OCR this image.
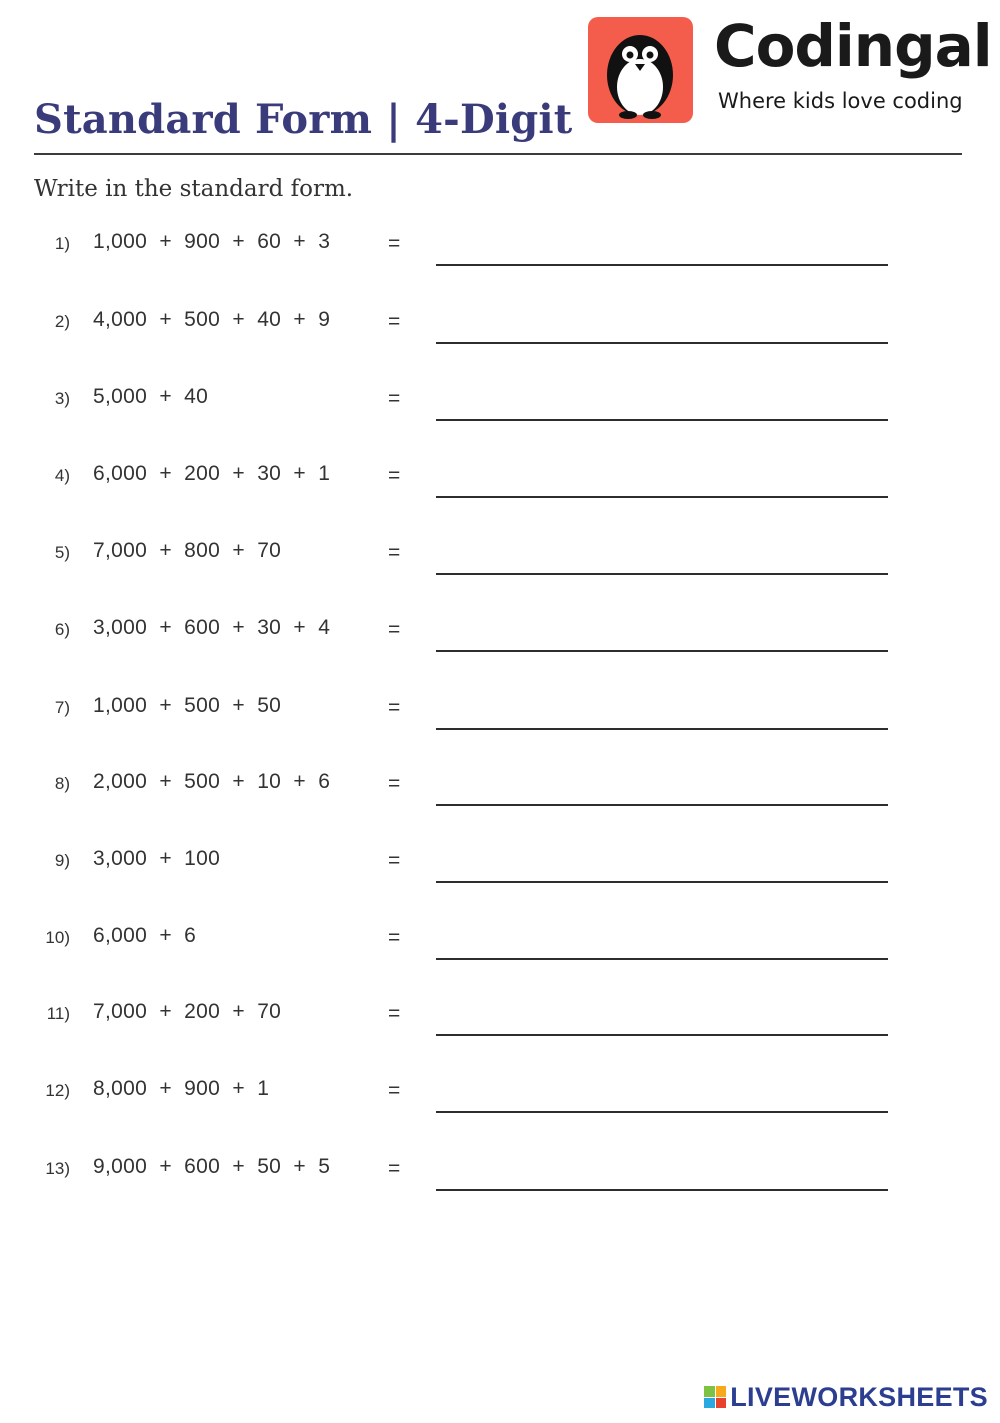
Codingal
Where kids love coding
Standard Form | 4-Digit
Write in the standard form.
1) 1,000  +  900  +  60  +  3	=
2) 4,000  +  500  +  40  +  9	=
3) 5,000  +  40	=
4) 6,000  +  200  +  30  +  1	=
5) 7,000  +  800  +  70	=
6) 3,000  +  600  +  30  +  4	=
7) 1,000  +  500  +  50	=
8) 2,000  +  500  +  10  +  6	=
9) 3,000  +  100	=
10) 6,000  +  6	=
11) 7,000  +  200  +  70	=
12) 8,000  +  900  +  1	=
13) 9,000  +  600  +  50  +  5	=
LIVEWORKSHEETS
